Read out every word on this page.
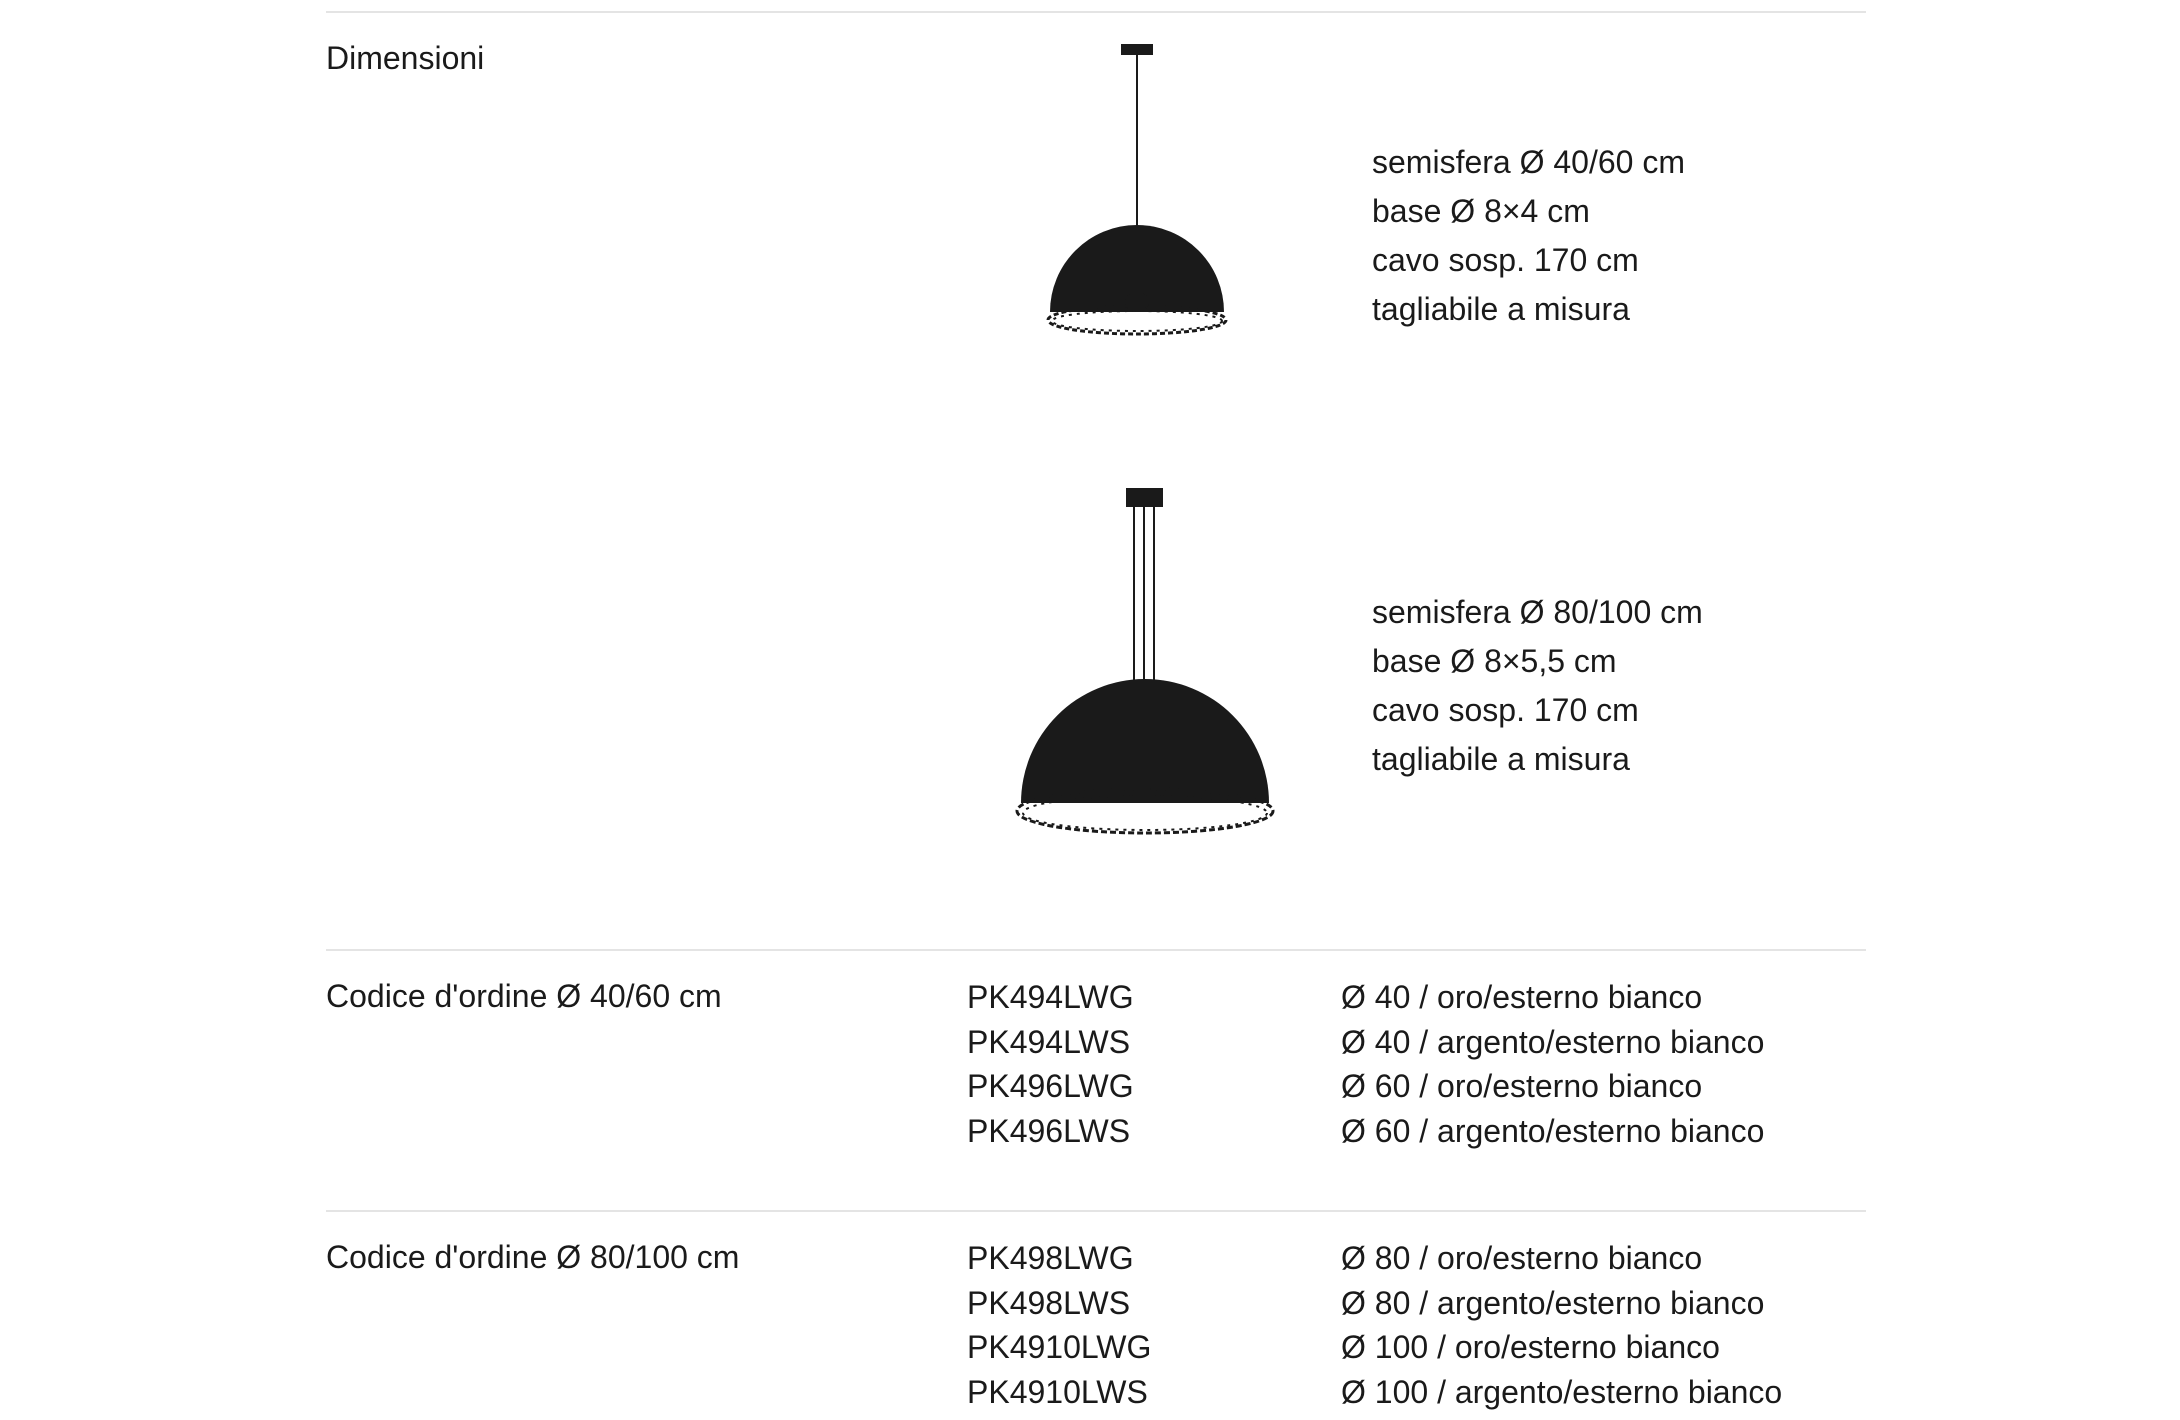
Dimensioni
semisfera Ø 40/60 cm
base Ø 8×4 cm
cavo sosp. 170 cm
tagliabile a misura
semisfera Ø 80/100 cm
base Ø 8×5,5 cm
cavo sosp. 170 cm
tagliabile a misura
Codice d'ordine Ø 40/60 cm	PK494LWG
PK494LWS
PK496LWG
PK496LWS
Ø 40 / oro/esterno bianco
Ø 40 / argento/esterno bianco
Ø 60 / oro/esterno bianco
Ø 60 / argento/esterno bianco
Codice d'ordine Ø 80/100 cm	PK498LWG
PK498LWS
PK4910LWG
PK4910LWS
Ø 80 / oro/esterno bianco
Ø 80 / argento/esterno bianco
Ø 100 / oro/esterno bianco
Ø 100 / argento/esterno bianco
